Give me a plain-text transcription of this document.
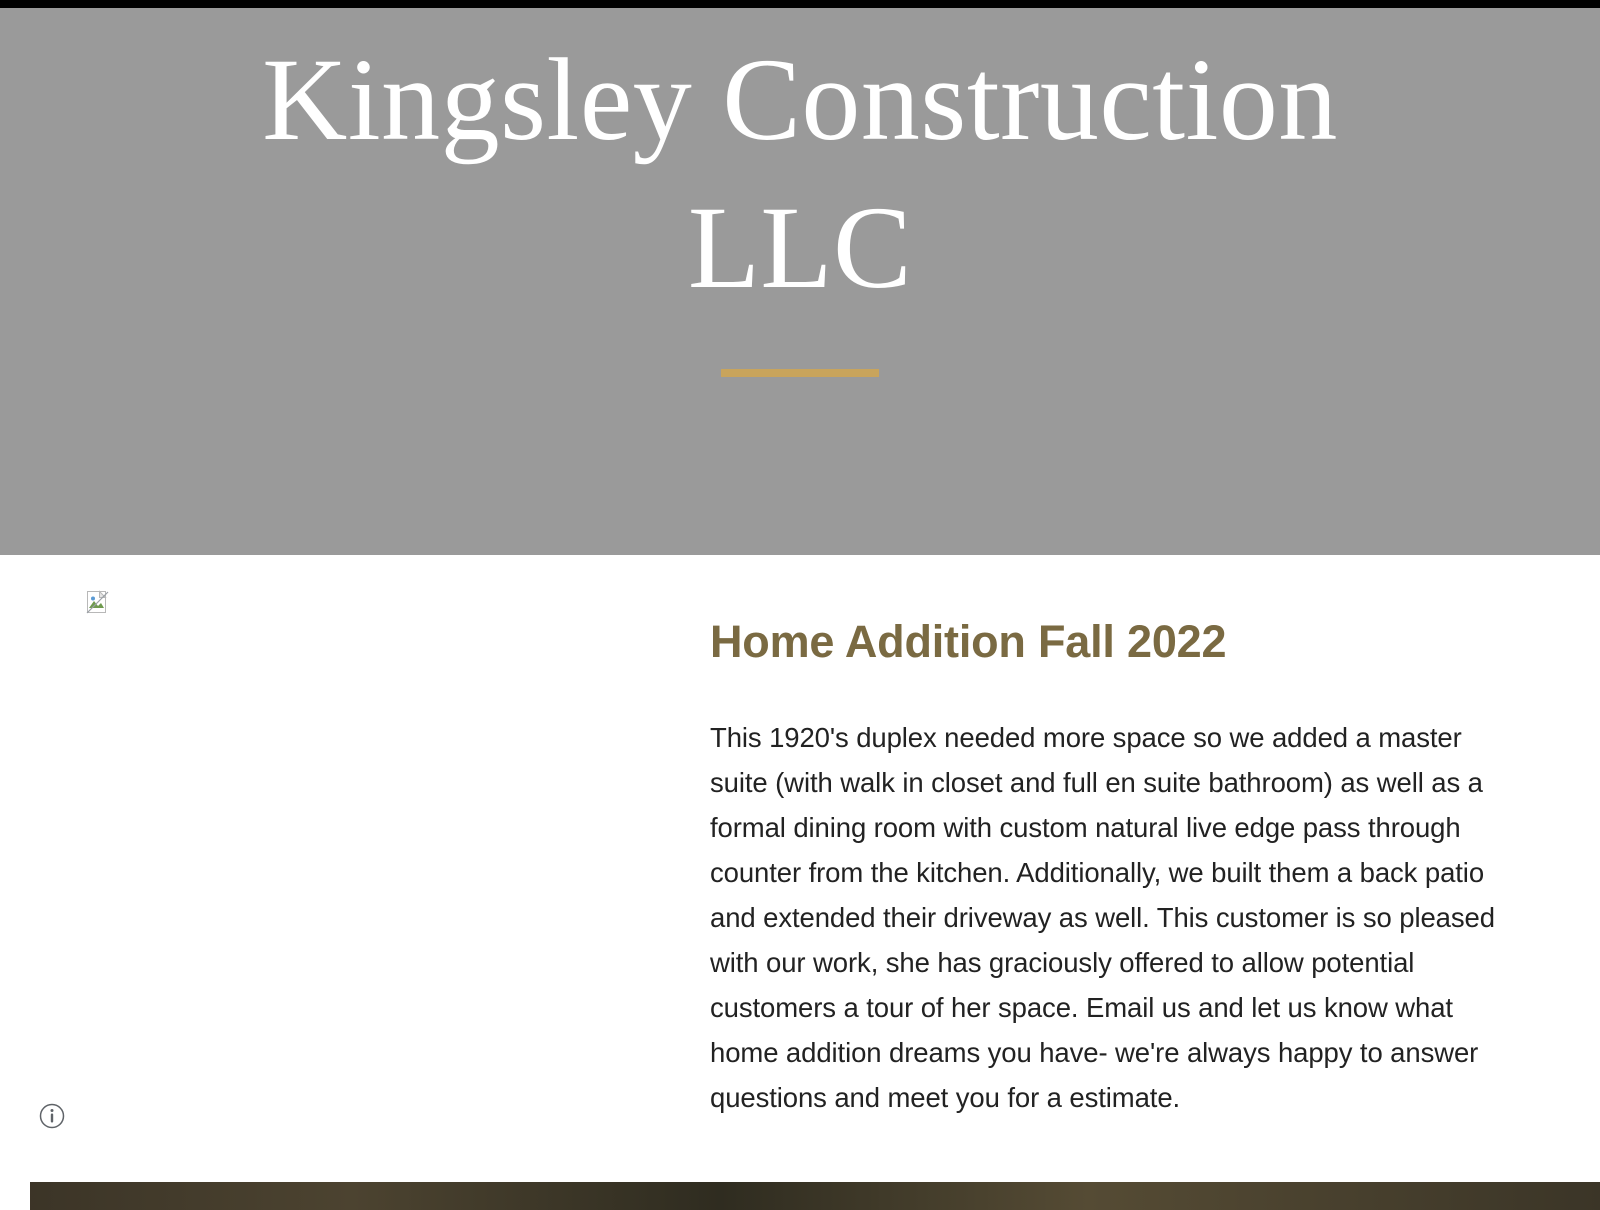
Kingsley Construction LLC
Home Addition Fall 2022

This 1920's duplex needed more space so we added a master suite (with walk in closet and full en suite bathroom) as well as a formal dining room with custom natural live edge pass through counter from the kitchen. Additionally, we built them a back patio and extended their driveway as well. This customer is so pleased with our work, she has graciously offered to allow potential customers a tour of her space. Email us and let us know what home addition dreams you have- we're always happy to answer questions and meet you for a estimate.
